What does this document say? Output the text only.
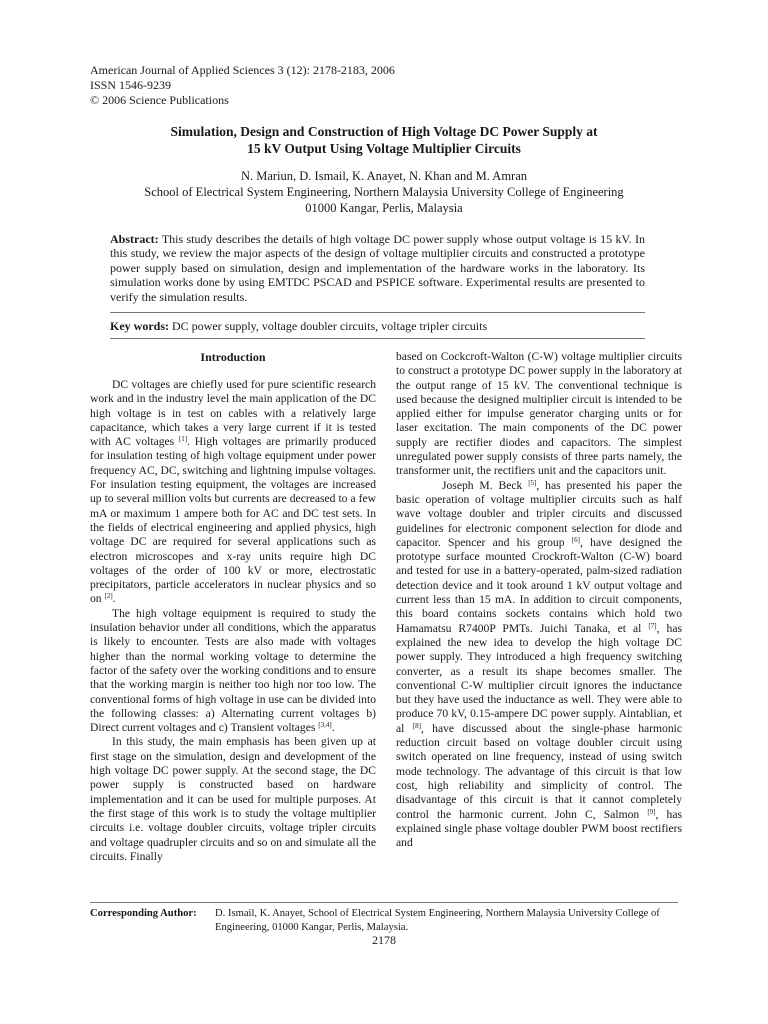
American Journal of Applied Sciences 3 (12): 2178-2183, 2006
ISSN 1546-9239
© 2006 Science Publications
Simulation, Design and Construction of High Voltage DC Power Supply at
15 kV Output Using Voltage Multiplier Circuits
N. Mariun, D. Ismail, K. Anayet, N. Khan and M. Amran
School of Electrical System Engineering, Northern Malaysia University College of Engineering
01000 Kangar, Perlis, Malaysia
Abstract: This study describes the details of high voltage DC power supply whose output voltage is 15 kV. In this study, we review the major aspects of the design of voltage multiplier circuits and constructed a prototype power supply based on simulation, design and implementation of the hardware works in the laboratory. Its simulation works done by using EMTDC PSCAD and PSPICE software. Experimental results are presented to verify the simulation results.
Key words: DC power supply, voltage doubler circuits, voltage tripler circuits
Introduction

DC voltages are chiefly used for pure scientific research work and in the industry level the main application of the DC high voltage is in test on cables with a relatively large capacitance, which takes a very large current if it is tested with AC voltages [1]. High voltages are primarily produced for insulation testing of high voltage equipment under power frequency AC, DC, switching and lightning impulse voltages. For insulation testing equipment, the voltages are increased up to several million volts but currents are decreased to a few mA or maximum 1 ampere both for AC and DC test sets. In the fields of electrical engineering and applied physics, high voltage DC are required for several applications such as electron microscopes and x-ray units require high DC voltages of the order of 100 kV or more, electrostatic precipitators, particle accelerators in nuclear physics and so on [2].

The high voltage equipment is required to study the insulation behavior under all conditions, which the apparatus is likely to encounter. Tests are also made with voltages higher than the normal working voltage to determine the factor of the safety over the working conditions and to ensure that the working margin is neither too high nor too low. The conventional forms of high voltage in use can be divided into the following classes: a) Alternating current voltages b) Direct current voltages and c) Transient voltages [3,4].

In this study, the main emphasis has been given up at first stage on the simulation, design and development of the high voltage DC power supply. At the second stage, the DC power supply is constructed based on hardware implementation and it can be used for multiple purposes. At the first stage of this work is to study the voltage multiplier circuits i.e. voltage doubler circuits, voltage tripler circuits and voltage quadrupler circuits and so on and simulate all the circuits. Finally

based on Cockcroft-Walton (C-W) voltage multiplier circuits to construct a prototype DC power supply in the laboratory at the output range of 15 kV. The conventional technique is used because the designed multiplier circuit is intended to be applied either for impulse generator charging units or for laser excitation. The main components of the DC power supply are rectifier diodes and capacitors. The simplest unregulated power supply consists of three parts namely, the transformer unit, the rectifiers unit and the capacitors unit.

Joseph M. Beck [5], has presented his paper the basic operation of voltage multiplier circuits such as half wave voltage doubler and tripler circuits and discussed guidelines for electronic component selection for diode and capacitor. Spencer and his group [6], have designed the prototype surface mounted Crockroft-Walton (C-W) board and tested for use in a battery-operated, palm-sized radiation detection device and it took around 1 kV output voltage and current less than 15 mA. In addition to circuit components, this board contains sockets contains which hold two Hamamatsu R7400P PMTs. Juichi Tanaka, et al [7], has explained the new idea to develop the high voltage DC power supply. They introduced a high frequency switching converter, as a result its shape becomes smaller. The conventional C-W multiplier circuit ignores the inductance but they have used the inductance as well. They were able to produce 70 kV, 0.15-ampere DC power supply. Aintablian, et al [8], have discussed about the single-phase harmonic reduction circuit based on voltage doubler circuit using switch operated on line frequency, instead of using switch mode technology. The advantage of this circuit is that low cost, high reliability and simplicity of control. The disadvantage of this circuit is that it cannot completely control the harmonic current. John C, Salmon [9], has explained single phase voltage doubler PWM boost rectifiers and

Corresponding Author:	D. Ismail, K. Anayet, School of Electrical System Engineering, Northern Malaysia University College of Engineering, 01000 Kangar, Perlis, Malaysia.
2178
